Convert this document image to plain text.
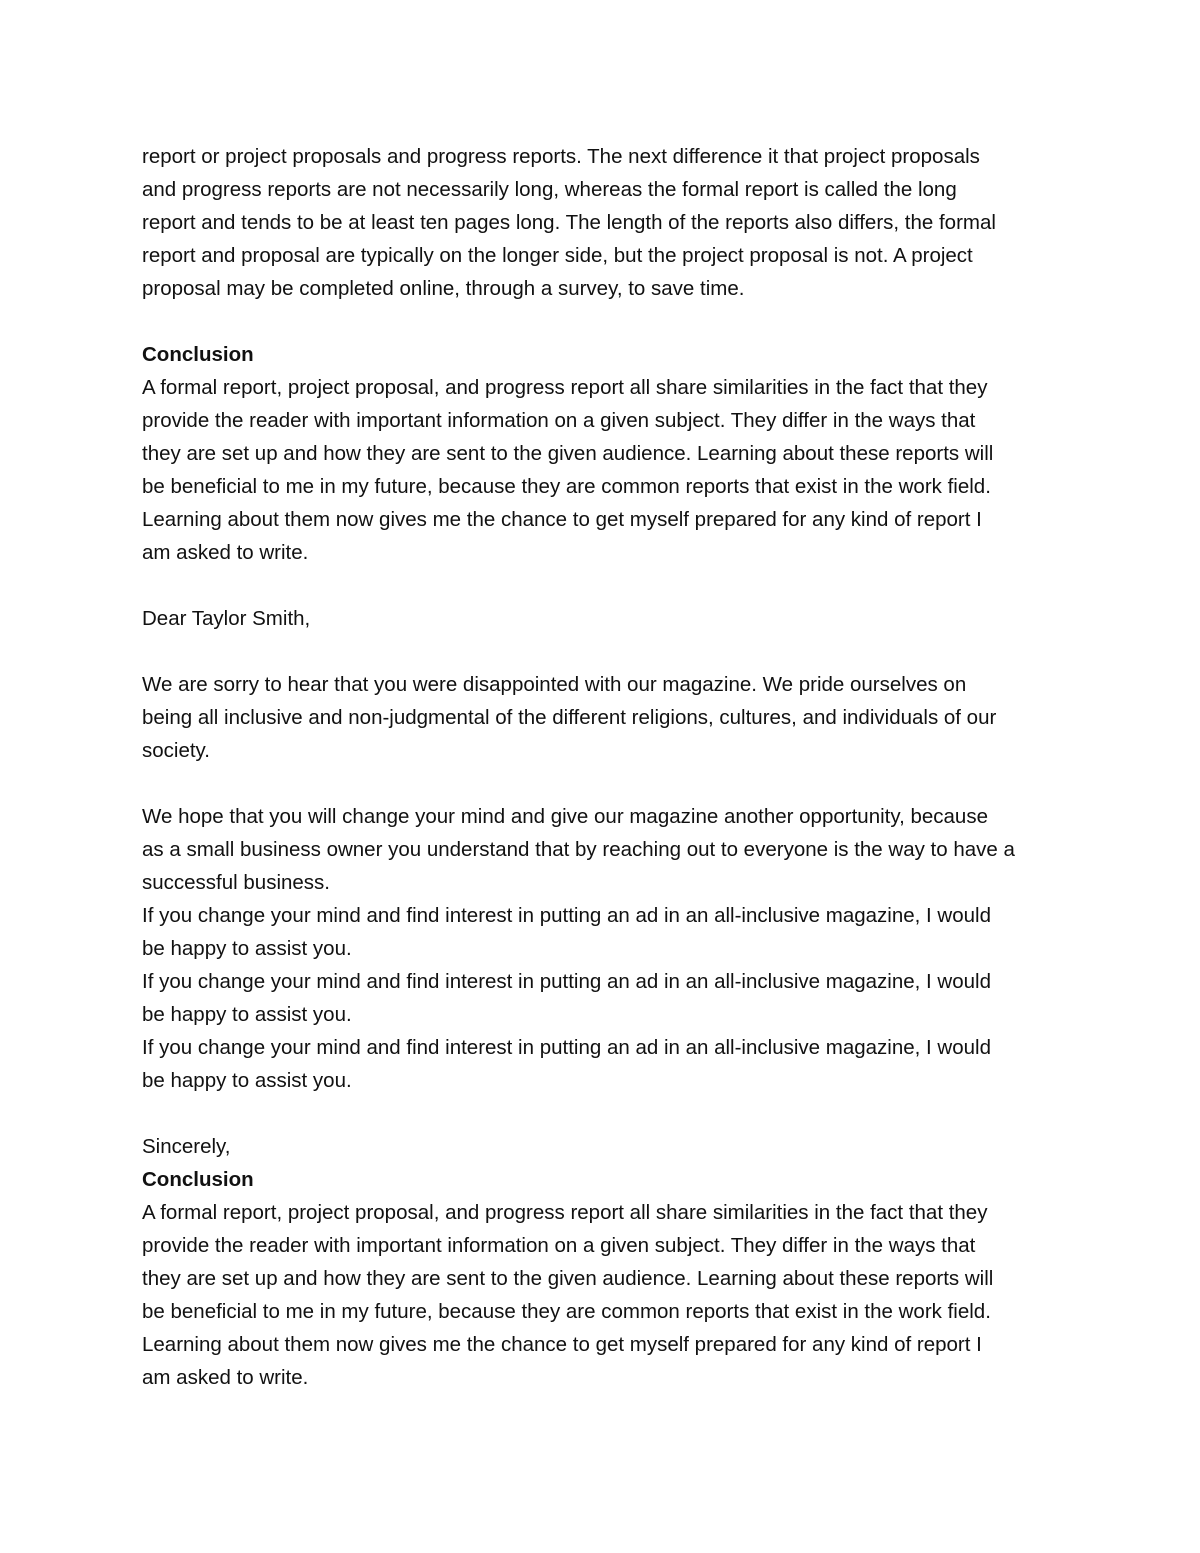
report or project proposals and progress reports. The next difference it that project proposals
and progress reports are not necessarily long, whereas the formal report is called the long
report and tends to be at least ten pages long. The length of the reports also differs, the formal
report and proposal are typically on the longer side, but the project proposal is not. A project
proposal may be completed online, through a survey, to save time.
Conclusion
A formal report, project proposal, and progress report all share similarities in the fact that they
provide the reader with important information on a given subject. They differ in the ways that
they are set up and how they are sent to the given audience. Learning about these reports will
be beneficial to me in my future, because they are common reports that exist in the work field.
Learning about them now gives me the chance to get myself prepared for any kind of report I
am asked to write.
Dear Taylor Smith,
We are sorry to hear that you were disappointed with our magazine. We pride ourselves on
being all inclusive and non-judgmental of the different religions, cultures, and individuals of our
society.
We hope that you will change your mind and give our magazine another opportunity, because
as a small business owner you understand that by reaching out to everyone is the way to have a
successful business.
If you change your mind and find interest in putting an ad in an all-inclusive magazine, I would
be happy to assist you.
If you change your mind and find interest in putting an ad in an all-inclusive magazine, I would
be happy to assist you.
If you change your mind and find interest in putting an ad in an all-inclusive magazine, I would
be happy to assist you.
Sincerely,
Conclusion
A formal report, project proposal, and progress report all share similarities in the fact that they
provide the reader with important information on a given subject. They differ in the ways that
they are set up and how they are sent to the given audience. Learning about these reports will
be beneficial to me in my future, because they are common reports that exist in the work field.
Learning about them now gives me the chance to get myself prepared for any kind of report I
am asked to write.
